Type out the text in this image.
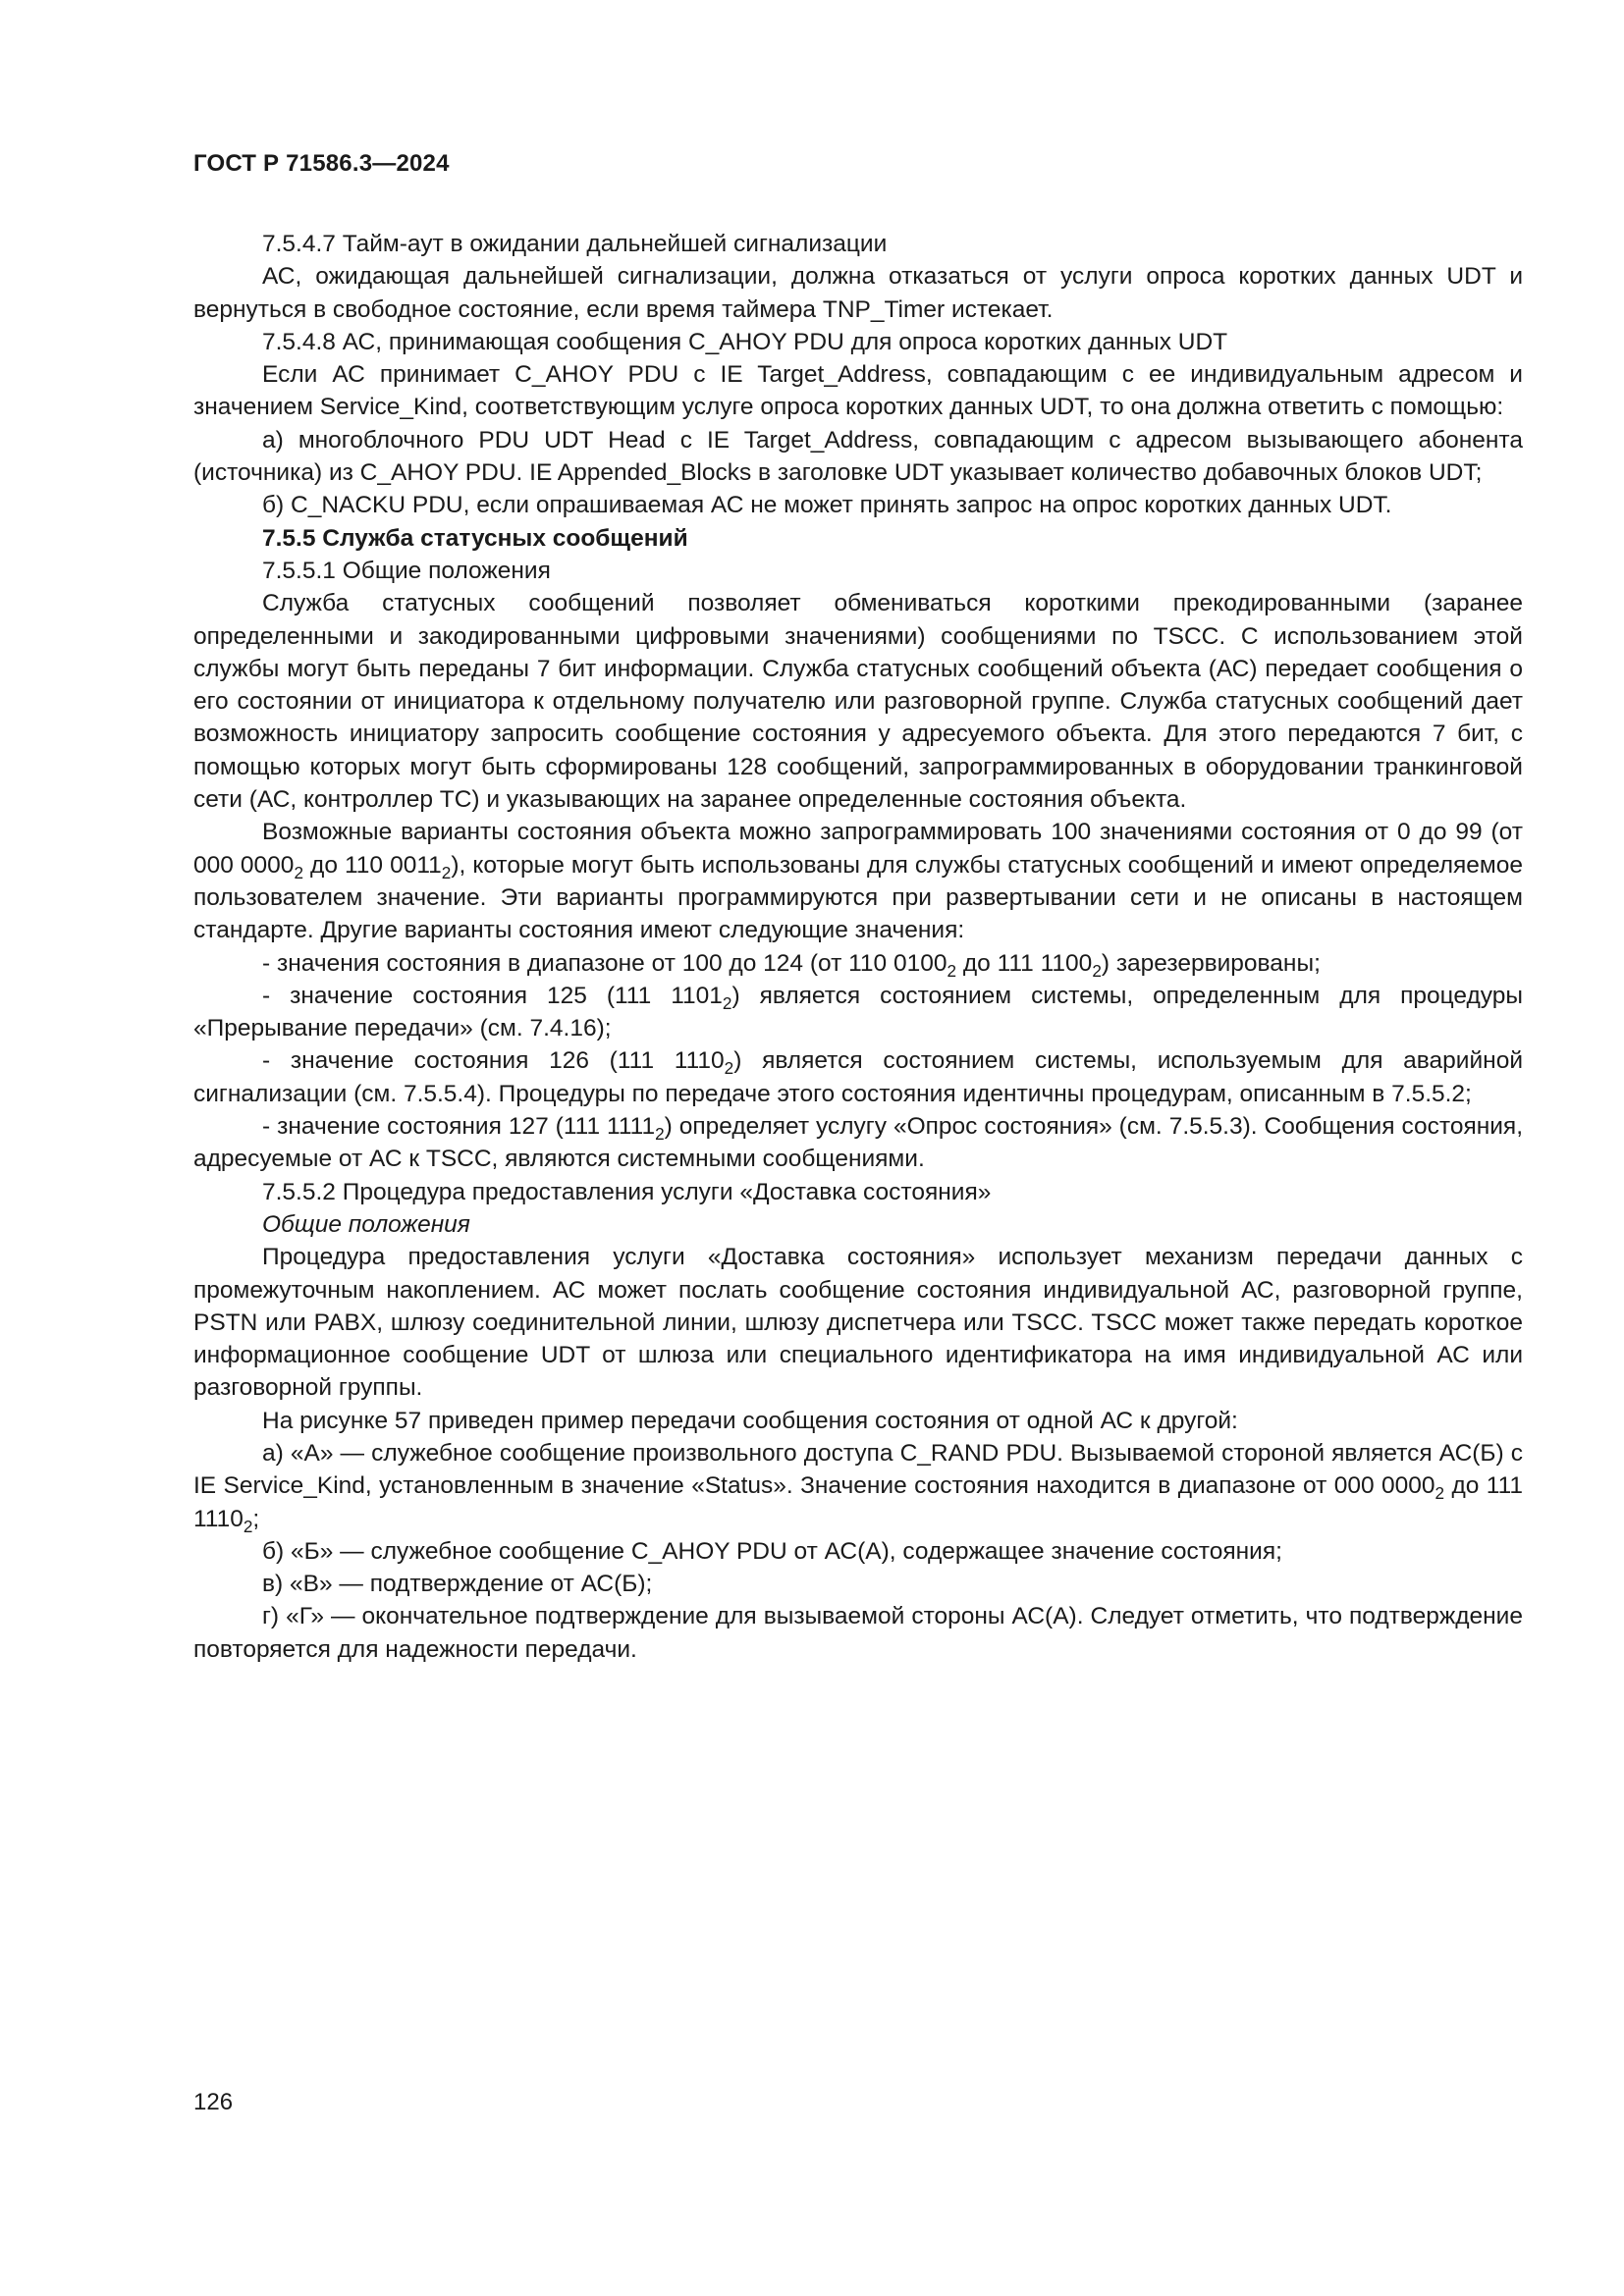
ГОСТ Р 71586.3—2024

7.5.4.7 Тайм-аут в ожидании дальнейшей сигнализации

АС, ожидающая дальнейшей сигнализации, должна отказаться от услуги опроса коротких данных UDT и вернуться в свободное состояние, если время таймера TNP_Timer истекает.

7.5.4.8 АС, принимающая сообщения C_AHOY PDU для опроса коротких данных UDT

Если АС принимает C_AHOY PDU с IE Target_Address, совпадающим с ее индивидуальным адресом и значением Service_Kind, соответствующим услуге опроса коротких данных UDT, то она должна ответить с помощью:

а) многоблочного PDU UDT Head с IE Target_Address, совпадающим с адресом вызывающего абонента (источника) из C_AHOY PDU. IE Appended_Blocks в заголовке UDT указывает количество добавочных блоков UDT;

б) C_NACKU PDU, если опрашиваемая АС не может принять запрос на опрос коротких данных UDT.

7.5.5 Служба статусных сообщений

7.5.5.1 Общие положения

Служба статусных сообщений позволяет обмениваться короткими прекодированными (заранее определенными и закодированными цифровыми значениями) сообщениями по TSCC. С использованием этой службы могут быть переданы 7 бит информации. Служба статусных сообщений объекта (АС) передает сообщения о его состоянии от инициатора к отдельному получателю или разговорной группе. Служба статусных сообщений дает возможность инициатору запросить сообщение состояния у адресуемого объекта. Для этого передаются 7 бит, с помощью которых могут быть сформированы 128 сообщений, запрограммированных в оборудовании транкинговой сети (АС, контроллер ТС) и указывающих на заранее определенные состояния объекта.

Возможные варианты состояния объекта можно запрограммировать 100 значениями состояния от 0 до 99 (от 000 $0000_2$ до 110 $0011_2$), которые могут быть использованы для службы статусных сообщений и имеют определяемое пользователем значение. Эти варианты программируются при развертывании сети и не описаны в настоящем стандарте. Другие варианты состояния имеют следующие значения:

- значения состояния в диапазоне от 100 до 124 (от 110 $0100_2$ до 111 $1100_2$) зарезервированы;

- значение состояния 125 (111 $1101_2$) является состоянием системы, определенным для процедуры «Прерывание передачи» (см. 7.4.16);

- значение состояния 126 (111 $1110_2$) является состоянием системы, используемым для аварийной сигнализации (см. 7.5.5.4). Процедуры по передаче этого состояния идентичны процедурам, описанным в 7.5.5.2;

- значение состояния 127 (111 $1111_2$) определяет услугу «Опрос состояния» (см. 7.5.5.3). Сообщения состояния, адресуемые от АС к TSCC, являются системными сообщениями.

7.5.5.2 Процедура предоставления услуги «Доставка состояния»

Общие положения

Процедура предоставления услуги «Доставка состояния» использует механизм передачи данных с промежуточным накоплением. АС может послать сообщение состояния индивидуальной АС, разговорной группе, PSTN или PABX, шлюзу соединительной линии, шлюзу диспетчера или TSCC. TSCC может также передать короткое информационное сообщение UDT от шлюза или специального идентификатора на имя индивидуальной АС или разговорной группы.

На рисунке 57 приведен пример передачи сообщения состояния от одной АС к другой:

а) «А» — служебное сообщение произвольного доступа C_RAND PDU. Вызываемой стороной является АС(Б) с IE Service_Kind, установленным в значение «Status». Значение состояния находится в диапазоне от 000 $0000_2$ до 111 $1110_2$;

б) «Б» — служебное сообщение C_AHOY PDU от АС(А), содержащее значение состояния;

в) «В» — подтверждение от АС(Б);

г) «Г» — окончательное подтверждение для вызываемой стороны АС(А). Следует отметить, что подтверждение повторяется для надежности передачи.

126
